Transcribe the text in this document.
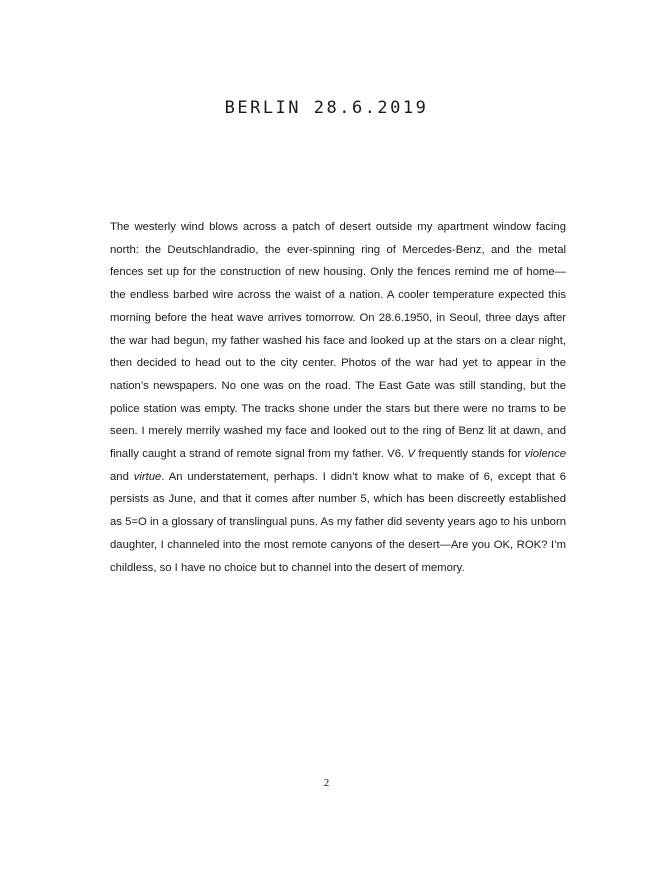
BERLIN 28.6.2019

The westerly wind blows across a patch of desert outside my apartment window facing north: the Deutschlandradio, the ever-spinning ring of Mercedes-Benz, and the metal fences set up for the construction of new housing. Only the fences remind me of home—the endless barbed wire across the waist of a nation. A cooler temperature expected this morning before the heat wave arrives tomorrow. On 28.6.1950, in Seoul, three days after the war had begun, my father washed his face and looked up at the stars on a clear night, then decided to head out to the city center. Photos of the war had yet to appear in the nation’s newspapers. No one was on the road. The East Gate was still standing, but the police station was empty. The tracks shone under the stars but there were no trams to be seen. I merely merrily washed my face and looked out to the ring of Benz lit at dawn, and finally caught a strand of remote signal from my father. V6. V frequently stands for violence and virtue. An understatement, perhaps. I didn’t know what to make of 6, except that 6 persists as June, and that it comes after number 5, which has been discreetly established as 5=O in a glossary of translingual puns. As my father did seventy years ago to his unborn daughter, I channeled into the most remote canyons of the desert—Are you OK, ROK? I’m childless, so I have no choice but to channel into the desert of memory.

2
